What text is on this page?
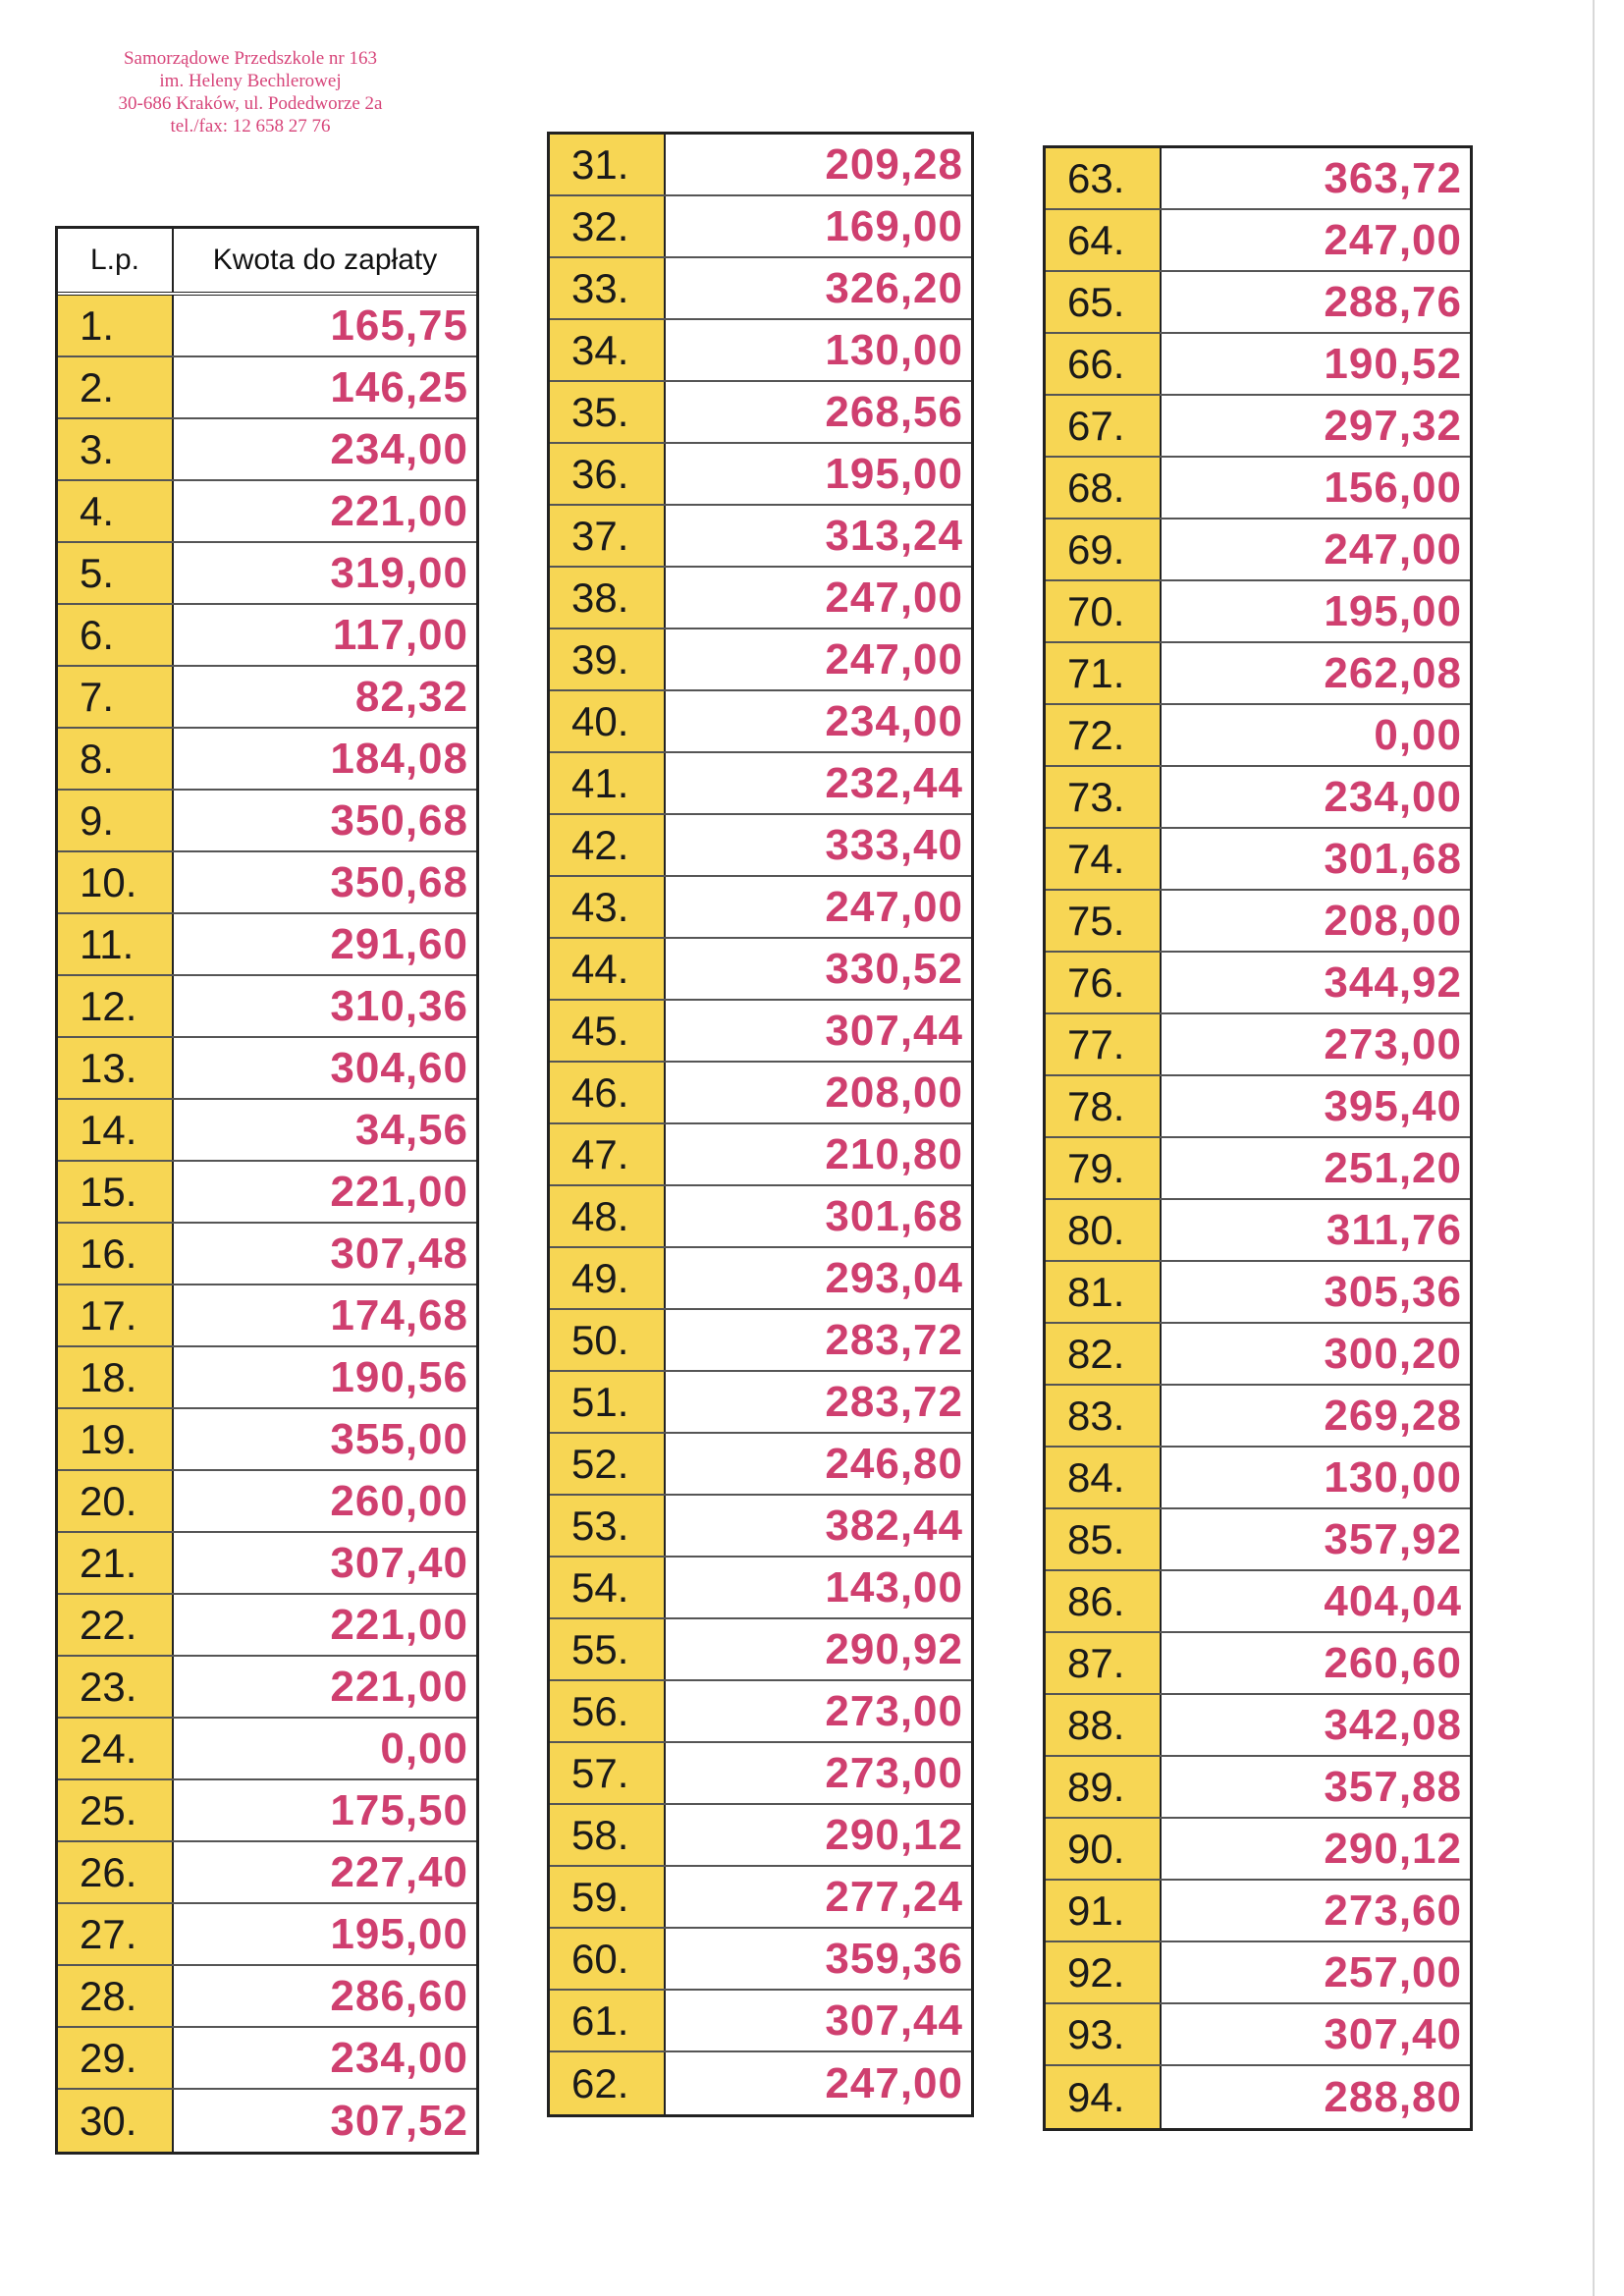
Samorządowe Przedszkole nr 163
im. Heleny Bechlerowej
30-686 Kraków, ul. Podedworze 2a
tel./fax: 12 658 27 76
L.p.	Kwota do zapłaty
1.	165,75
2.	146,25
3.	234,00
4.	221,00
5.	319,00
6.	117,00
7.	82,32
8.	184,08
9.	350,68
10.	350,68
11.	291,60
12.	310,36
13.	304,60
14.	34,56
15.	221,00
16.	307,48
17.	174,68
18.	190,56
19.	355,00
20.	260,00
21.	307,40
22.	221,00
23.	221,00
24.	0,00
25.	175,50
26.	227,40
27.	195,00
28.	286,60
29.	234,00
30.	307,52
31.	209,28
32.	169,00
33.	326,20
34.	130,00
35.	268,56
36.	195,00
37.	313,24
38.	247,00
39.	247,00
40.	234,00
41.	232,44
42.	333,40
43.	247,00
44.	330,52
45.	307,44
46.	208,00
47.	210,80
48.	301,68
49.	293,04
50.	283,72
51.	283,72
52.	246,80
53.	382,44
54.	143,00
55.	290,92
56.	273,00
57.	273,00
58.	290,12
59.	277,24
60.	359,36
61.	307,44
62.	247,00
63.	363,72
64.	247,00
65.	288,76
66.	190,52
67.	297,32
68.	156,00
69.	247,00
70.	195,00
71.	262,08
72.	0,00
73.	234,00
74.	301,68
75.	208,00
76.	344,92
77.	273,00
78.	395,40
79.	251,20
80.	311,76
81.	305,36
82.	300,20
83.	269,28
84.	130,00
85.	357,92
86.	404,04
87.	260,60
88.	342,08
89.	357,88
90.	290,12
91.	273,60
92.	257,00
93.	307,40
94.	288,80
